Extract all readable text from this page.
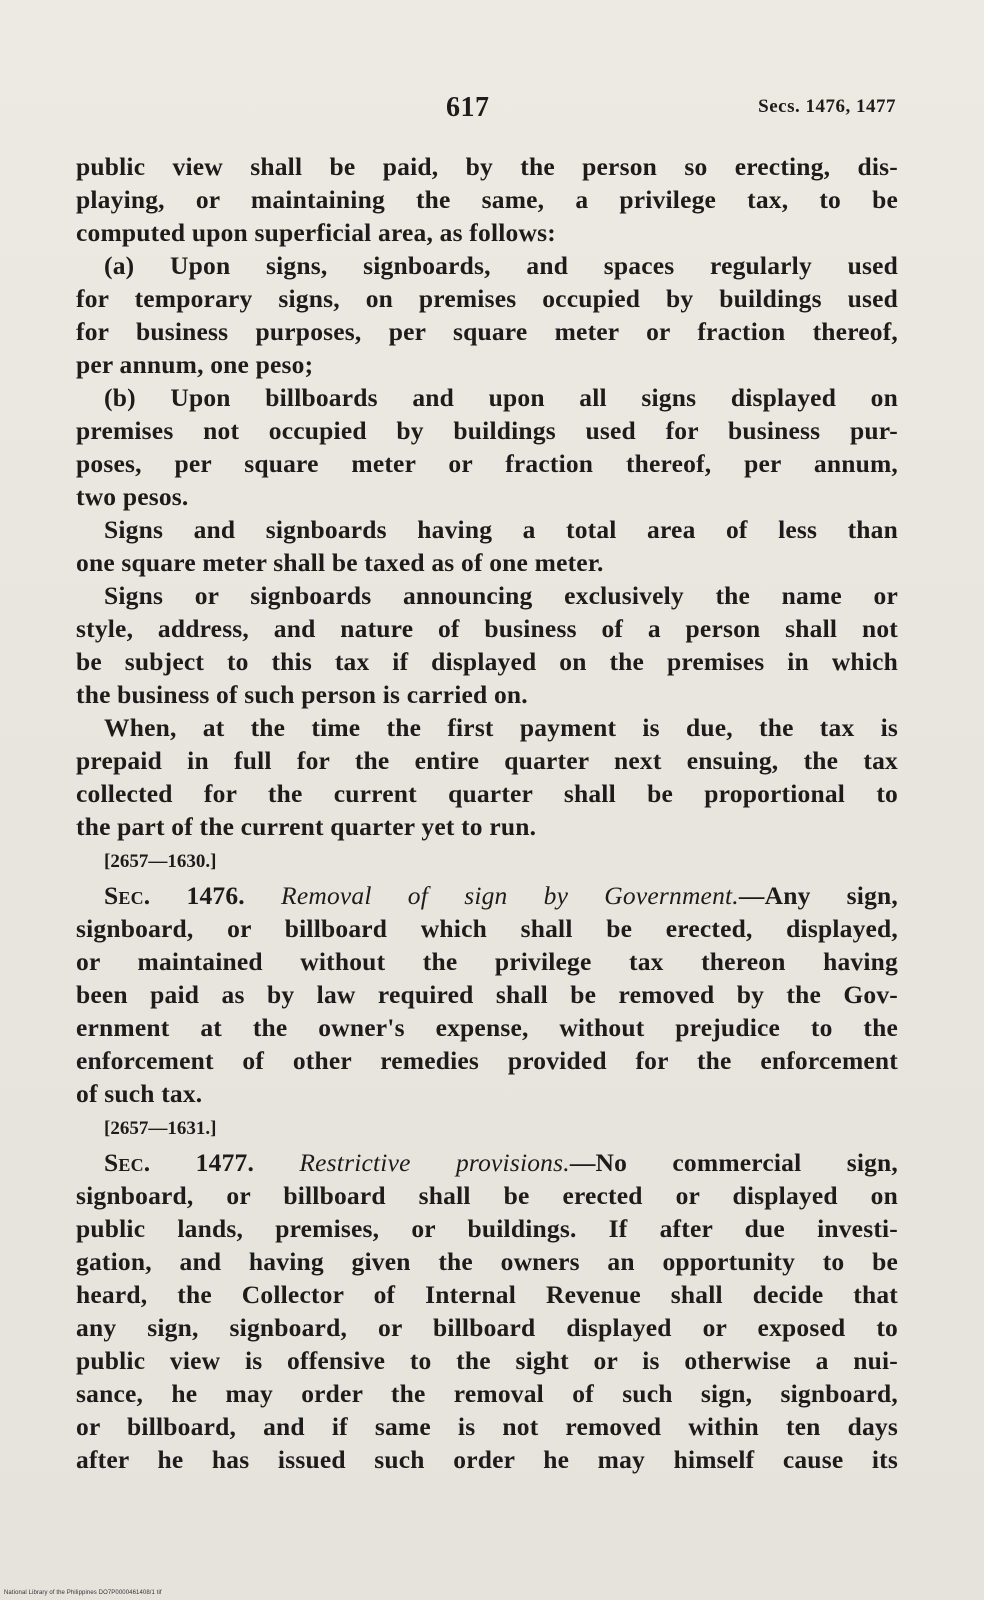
617	Secs. 1476, 1477
public view shall be paid, by the person so erecting, dis-
playing, or maintaining the same, a privilege tax, to be
computed upon superficial area, as follows:
(a) Upon signs, signboards, and spaces regularly used
for temporary signs, on premises occupied by buildings used
for business purposes, per square meter or fraction thereof,
per annum, one peso;
(b) Upon billboards and upon all signs displayed on
premises not occupied by buildings used for business pur-
poses, per square meter or fraction thereof, per annum,
two pesos.
Signs and signboards having a total area of less than
one square meter shall be taxed as of one meter.
Signs or signboards announcing exclusively the name or
style, address, and nature of business of a person shall not
be subject to this tax if displayed on the premises in which
the business of such person is carried on.
When, at the time the first payment is due, the tax is
prepaid in full for the entire quarter next ensuing, the tax
collected for the current quarter shall be proportional to
the part of the current quarter yet to run.
[2657—1630.]
Sec. 1476. Removal of sign by Government.—Any sign,
signboard, or billboard which shall be erected, displayed,
or maintained without the privilege tax thereon having
been paid as by law required shall be removed by the Gov-
ernment at the owner's expense, without prejudice to the
enforcement of other remedies provided for the enforcement
of such tax.
[2657—1631.]
Sec. 1477. Restrictive provisions.—No commercial sign,
signboard, or billboard shall be erected or displayed on
public lands, premises, or buildings. If after due investi-
gation, and having given the owners an opportunity to be
heard, the Collector of Internal Revenue shall decide that
any sign, signboard, or billboard displayed or exposed to
public view is offensive to the sight or is otherwise a nui-
sance, he may order the removal of such sign, signboard,
or billboard, and if same is not removed within ten days
after he has issued such order he may himself cause its
National Library of the Philippines DO7P0000461408/1 tif
